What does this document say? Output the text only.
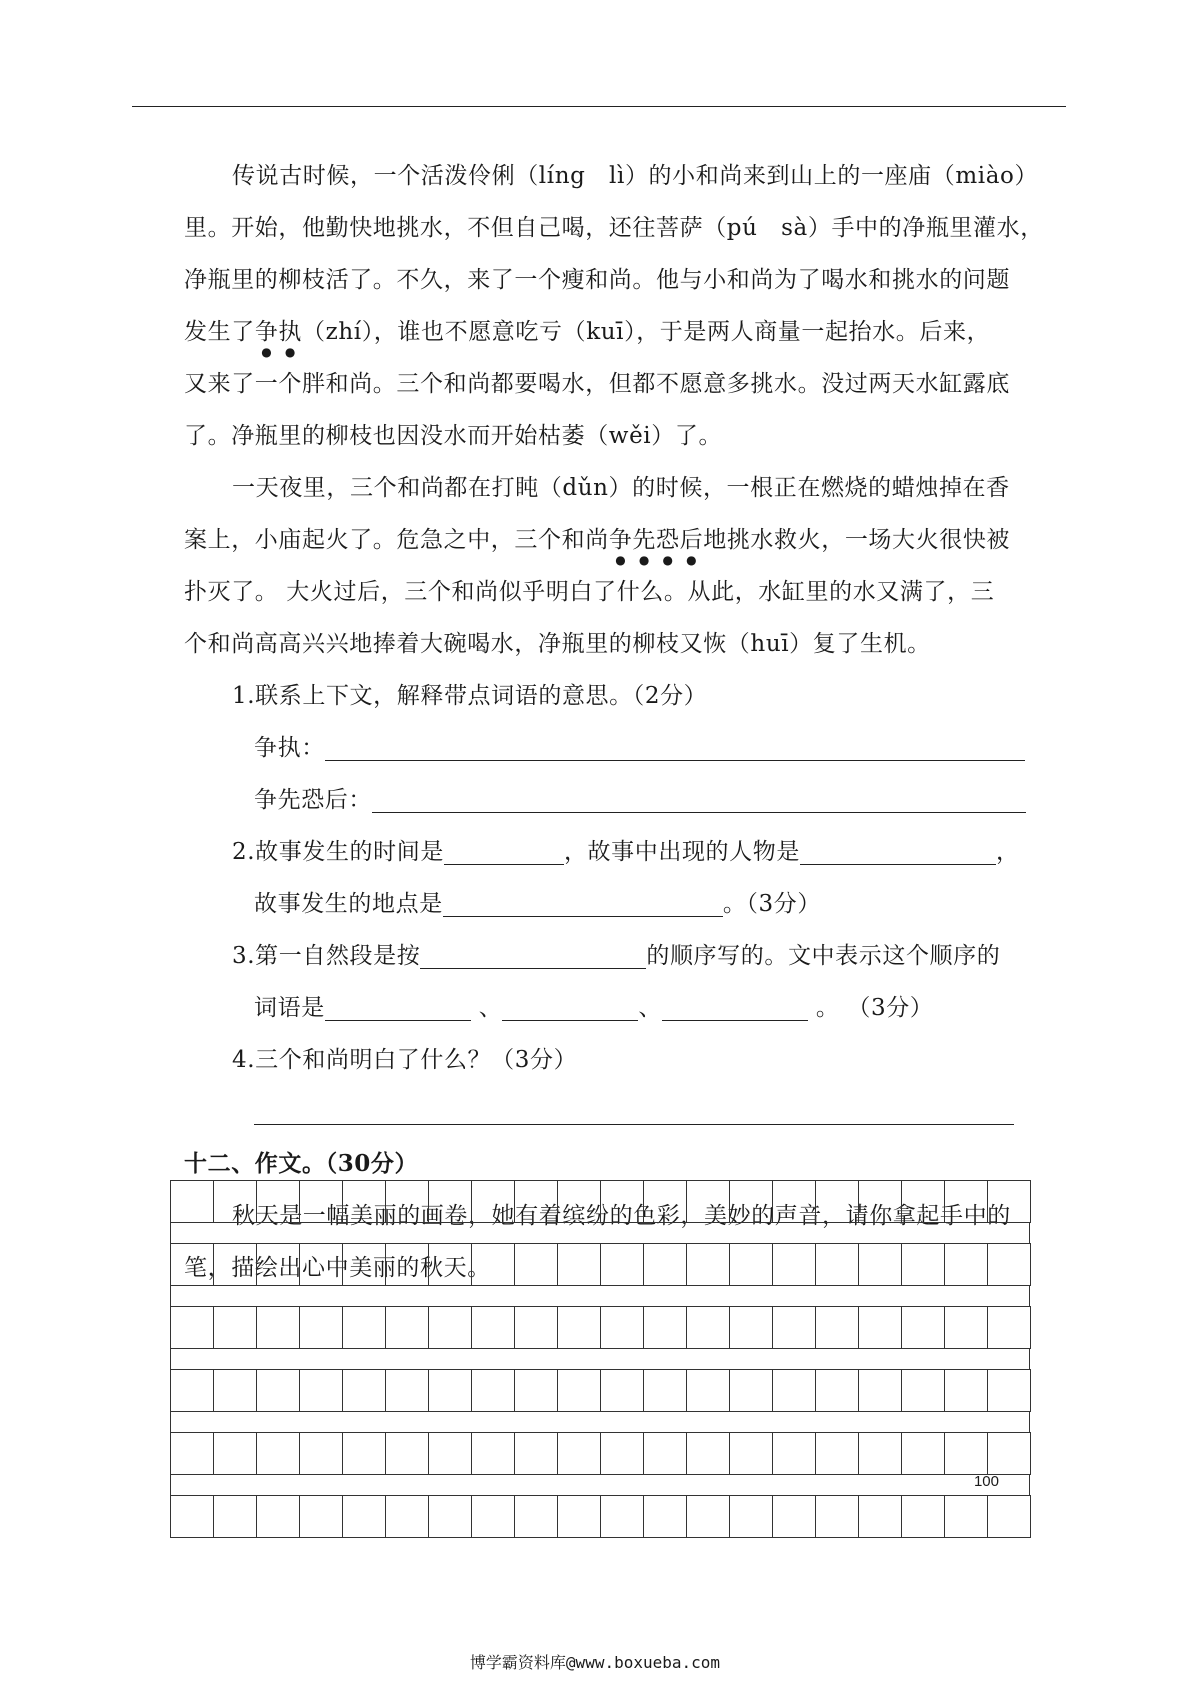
传说古时候，一个活泼伶俐（líng　lì）的小和尚来到山上的一座庙（miào）
里。开始，他勤快地挑水，不但自己喝，还往菩萨（pú　sà）手中的净瓶里灌水，
净瓶里的柳枝活了。不久，来了一个瘦和尚。他与小和尚为了喝水和挑水的问题
发生了争执（zhí），谁也不愿意吃亏（kuī），于是两人商量一起抬水。后来，
又来了一个胖和尚。三个和尚都要喝水，但都不愿意多挑水。没过两天水缸露底
了。净瓶里的柳枝也因没水而开始枯萎（wěi）了。
一天夜里，三个和尚都在打盹（dǔn）的时候，一根正在燃烧的蜡烛掉在香
案上，小庙起火了。危急之中，三个和尚争先恐后地挑水救火，一场大火很快被
扑灭了。 大火过后，三个和尚似乎明白了什么。从此，水缸里的水又满了，三
个和尚高高兴兴地捧着大碗喝水，净瓶里的柳枝又恢（huī）复了生机。
1.联系上下文，解释带点词语的意思。（2分）
争执：
争先恐后：
2.故事发生的时间是	，故事中出现的人物是	，
故事发生的地点是	。（3分）
3.第一自然段是按	的顺序写的。文中表示这个顺序的
词语是	、	、	。 （3分）
4.三个和尚明白了什么？（3分）
十二、作文。（30分）
秋天是一幅美丽的画卷，她有着缤纷的色彩，美妙的声音，请你拿起手中的
笔，描绘出心中美丽的秋天。
100
博学霸资料库@www.boxueba.com
